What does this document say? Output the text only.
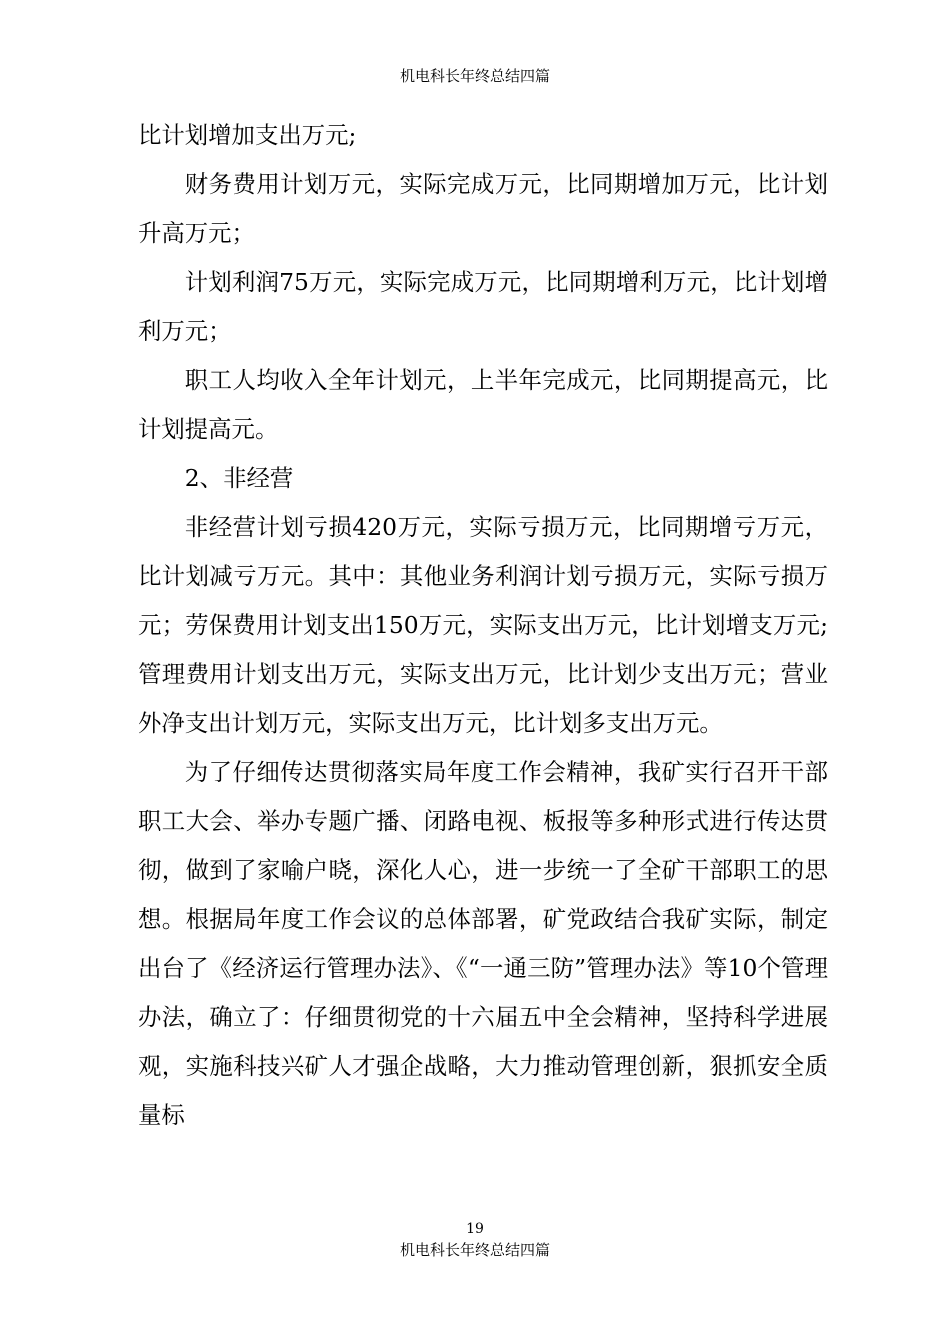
机电科长年终总结四篇

比计划增加支出万元;

财务费用计划万元，实际完成万元，比同期增加万元，比计划升高万元；

计划利润75万元，实际完成万元，比同期增利万元，比计划增利万元；

职工人均收入全年计划元，上半年完成元，比同期提高元，比计划提高元。

2、非经营

非经营计划亏损420万元，实际亏损万元，比同期增亏万元，比计划减亏万元。其中：其他业务利润计划亏损万元，实际亏损万元；劳保费用计划支出150万元，实际支出万元，比计划增支万元;管理费用计划支出万元，实际支出万元，比计划少支出万元；营业外净支出计划万元，实际支出万元，比计划多支出万元。

为了仔细传达贯彻落实局年度工作会精神，我矿实行召开干部职工大会、举办专题广播、闭路电视、板报等多种形式进行传达贯彻，做到了家喻户晓，深化人心，进一步统一了全矿干部职工的思想。根据局年度工作会议的总体部署，矿党政结合我矿实际，制定出台了《经济运行管理办法》、《“一通三防”管理办法》等10个管理办法，确立了：仔细贯彻党的十六届五中全会精神，坚持科学进展观，实施科技兴矿人才强企战略，大力推动管理创新，狠抓安全质量标

19
机电科长年终总结四篇
